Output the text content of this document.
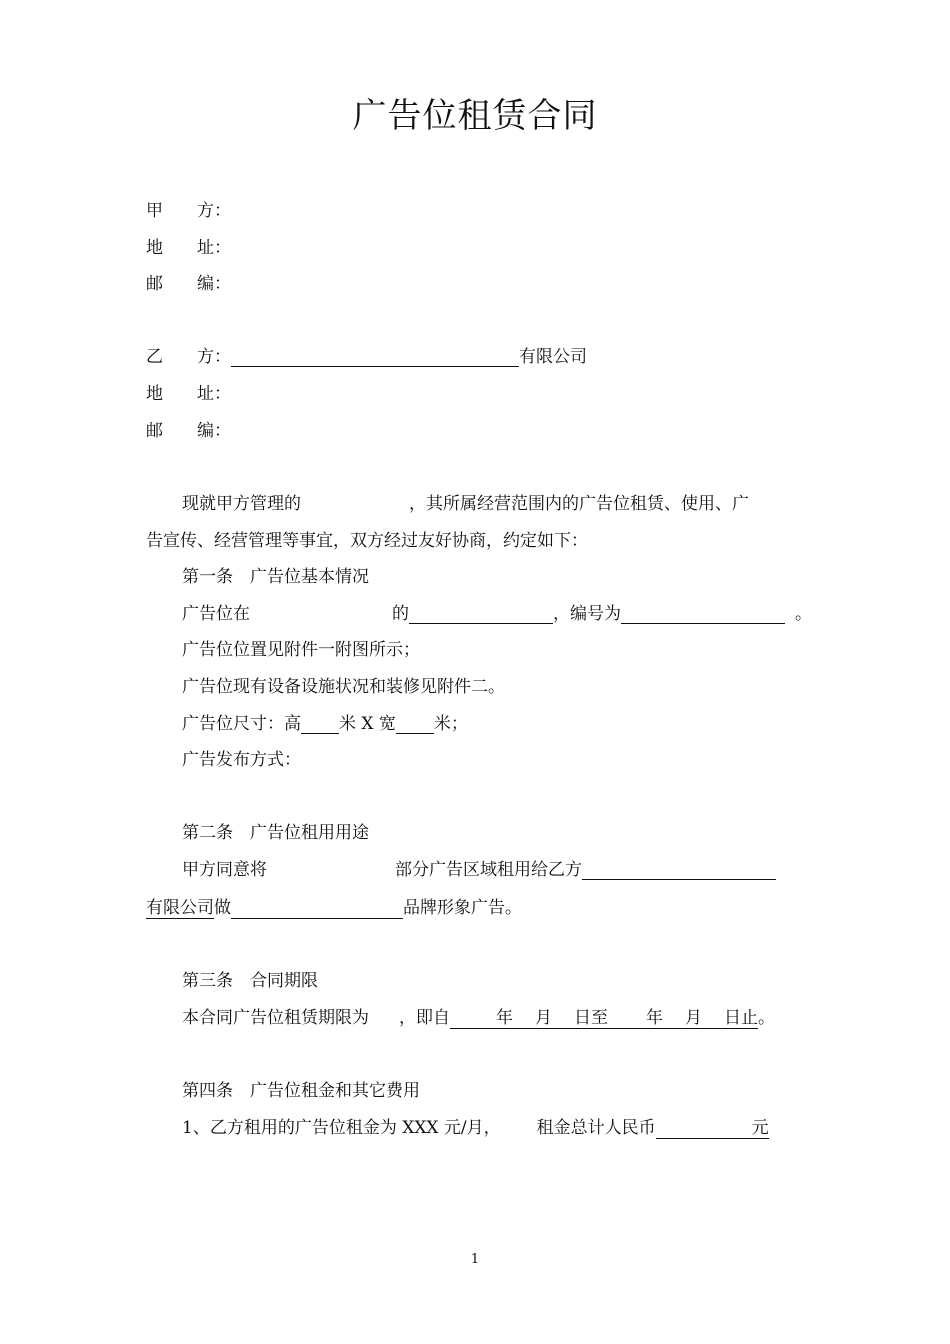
广告位租赁合同
甲　　方：
地　　址：
邮　　编：
乙　　方：	有限公司
地　　址：
邮　　编：
现就甲方管理的	，其所属经营范围内的广告位租赁、使用、广
告宣传、经营管理等事宜，双方经过友好协商，约定如下：
第一条　广告位基本情况
广告位在	的	，编号为	。
广告位位置见附件一附图所示；
广告位现有设备设施状况和装修见附件二。
广告位尺寸：高 米 X 宽 米；
广告发布方式：
第二条　广告位租用用途
甲方同意将	部分广告区域租用给乙方
有限公司做	品牌形象广告。
第三条　合同期限
本合同广告位租赁期限为 ，即自	年 月 日至 年 月 日止。
第四条　广告位租金和其它费用
1、乙方租用的广告位租金为 XXX 元/月， 租金总计人民币	元
1
